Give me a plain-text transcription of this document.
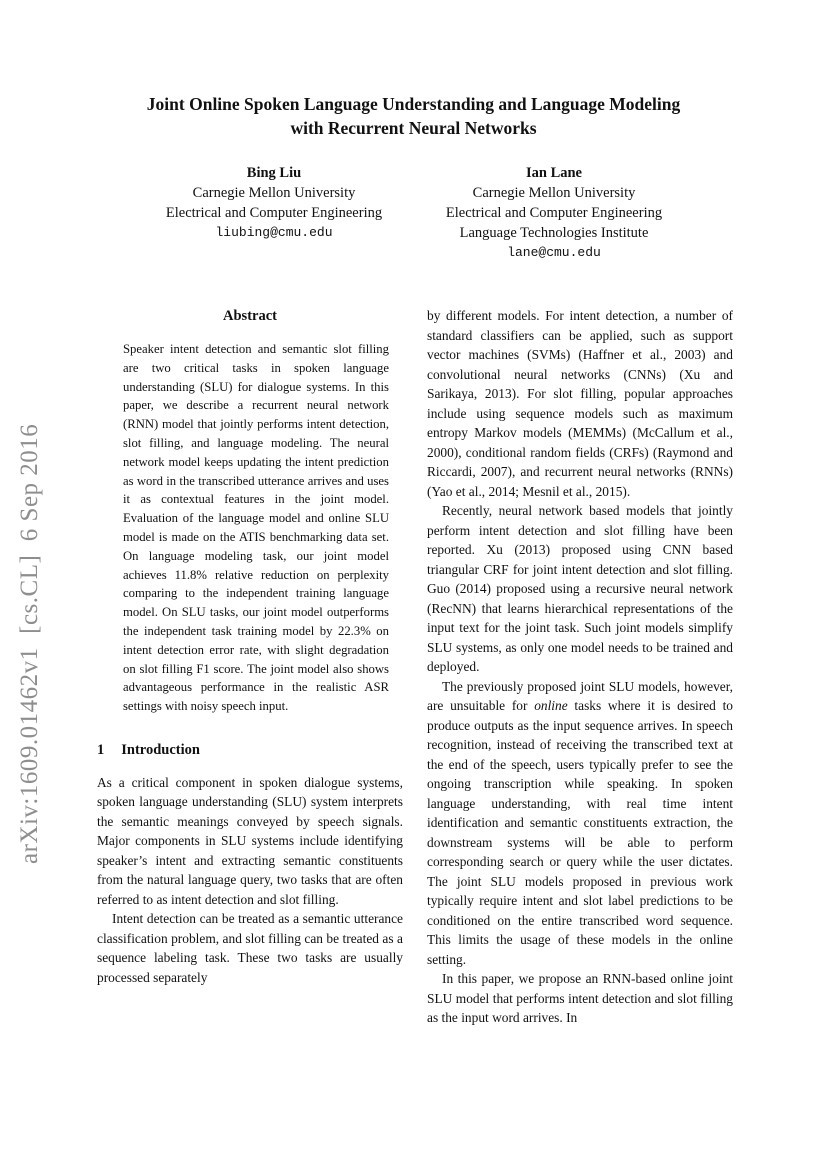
arXiv:1609.01462v1  [cs.CL]  6 Sep 2016
Joint Online Spoken Language Understanding and Language Modeling
with Recurrent Neural Networks
Bing Liu
Carnegie Mellon University
Electrical and Computer Engineering
liubing@cmu.edu
Ian Lane
Carnegie Mellon University
Electrical and Computer Engineering
Language Technologies Institute
lane@cmu.edu
Abstract
Speaker intent detection and semantic slot filling are two critical tasks in spoken language understanding (SLU) for dialogue systems. In this paper, we describe a recurrent neural network (RNN) model that jointly performs intent detection, slot filling, and language modeling. The neural network model keeps updating the intent prediction as word in the transcribed utterance arrives and uses it as contextual features in the joint model. Evaluation of the language model and online SLU model is made on the ATIS benchmarking data set. On language modeling task, our joint model achieves 11.8% relative reduction on perplexity comparing to the independent training language model. On SLU tasks, our joint model outperforms the independent task training model by 22.3% on intent detection error rate, with slight degradation on slot filling F1 score. The joint model also shows advantageous performance in the realistic ASR settings with noisy speech input.
1 Introduction

As a critical component in spoken dialogue systems, spoken language understanding (SLU) system interprets the semantic meanings conveyed by speech signals. Major components in SLU systems include identifying speaker’s intent and extracting semantic constituents from the natural language query, two tasks that are often referred to as intent detection and slot filling.

Intent detection can be treated as a semantic utterance classification problem, and slot filling can be treated as a sequence labeling task. These two tasks are usually processed separately

by different models. For intent detection, a number of standard classifiers can be applied, such as support vector machines (SVMs) (Haffner et al., 2003) and convolutional neural networks (CNNs) (Xu and Sarikaya, 2013). For slot filling, popular approaches include using sequence models such as maximum entropy Markov models (MEMMs) (McCallum et al., 2000), conditional random fields (CRFs) (Raymond and Riccardi, 2007), and recurrent neural networks (RNNs) (Yao et al., 2014; Mesnil et al., 2015).

Recently, neural network based models that jointly perform intent detection and slot filling have been reported. Xu (2013) proposed using CNN based triangular CRF for joint intent detection and slot filling. Guo (2014) proposed using a recursive neural network (RecNN) that learns hierarchical representations of the input text for the joint task. Such joint models simplify SLU systems, as only one model needs to be trained and deployed.

The previously proposed joint SLU models, however, are unsuitable for online tasks where it is desired to produce outputs as the input sequence arrives. In speech recognition, instead of receiving the transcribed text at the end of the speech, users typically prefer to see the ongoing transcription while speaking. In spoken language understanding, with real time intent identification and semantic constituents extraction, the downstream systems will be able to perform corresponding search or query while the user dictates. The joint SLU models proposed in previous work typically require intent and slot label predictions to be conditioned on the entire transcribed word sequence. This limits the usage of these models in the online setting.

In this paper, we propose an RNN-based online joint SLU model that performs intent detection and slot filling as the input word arrives. In
